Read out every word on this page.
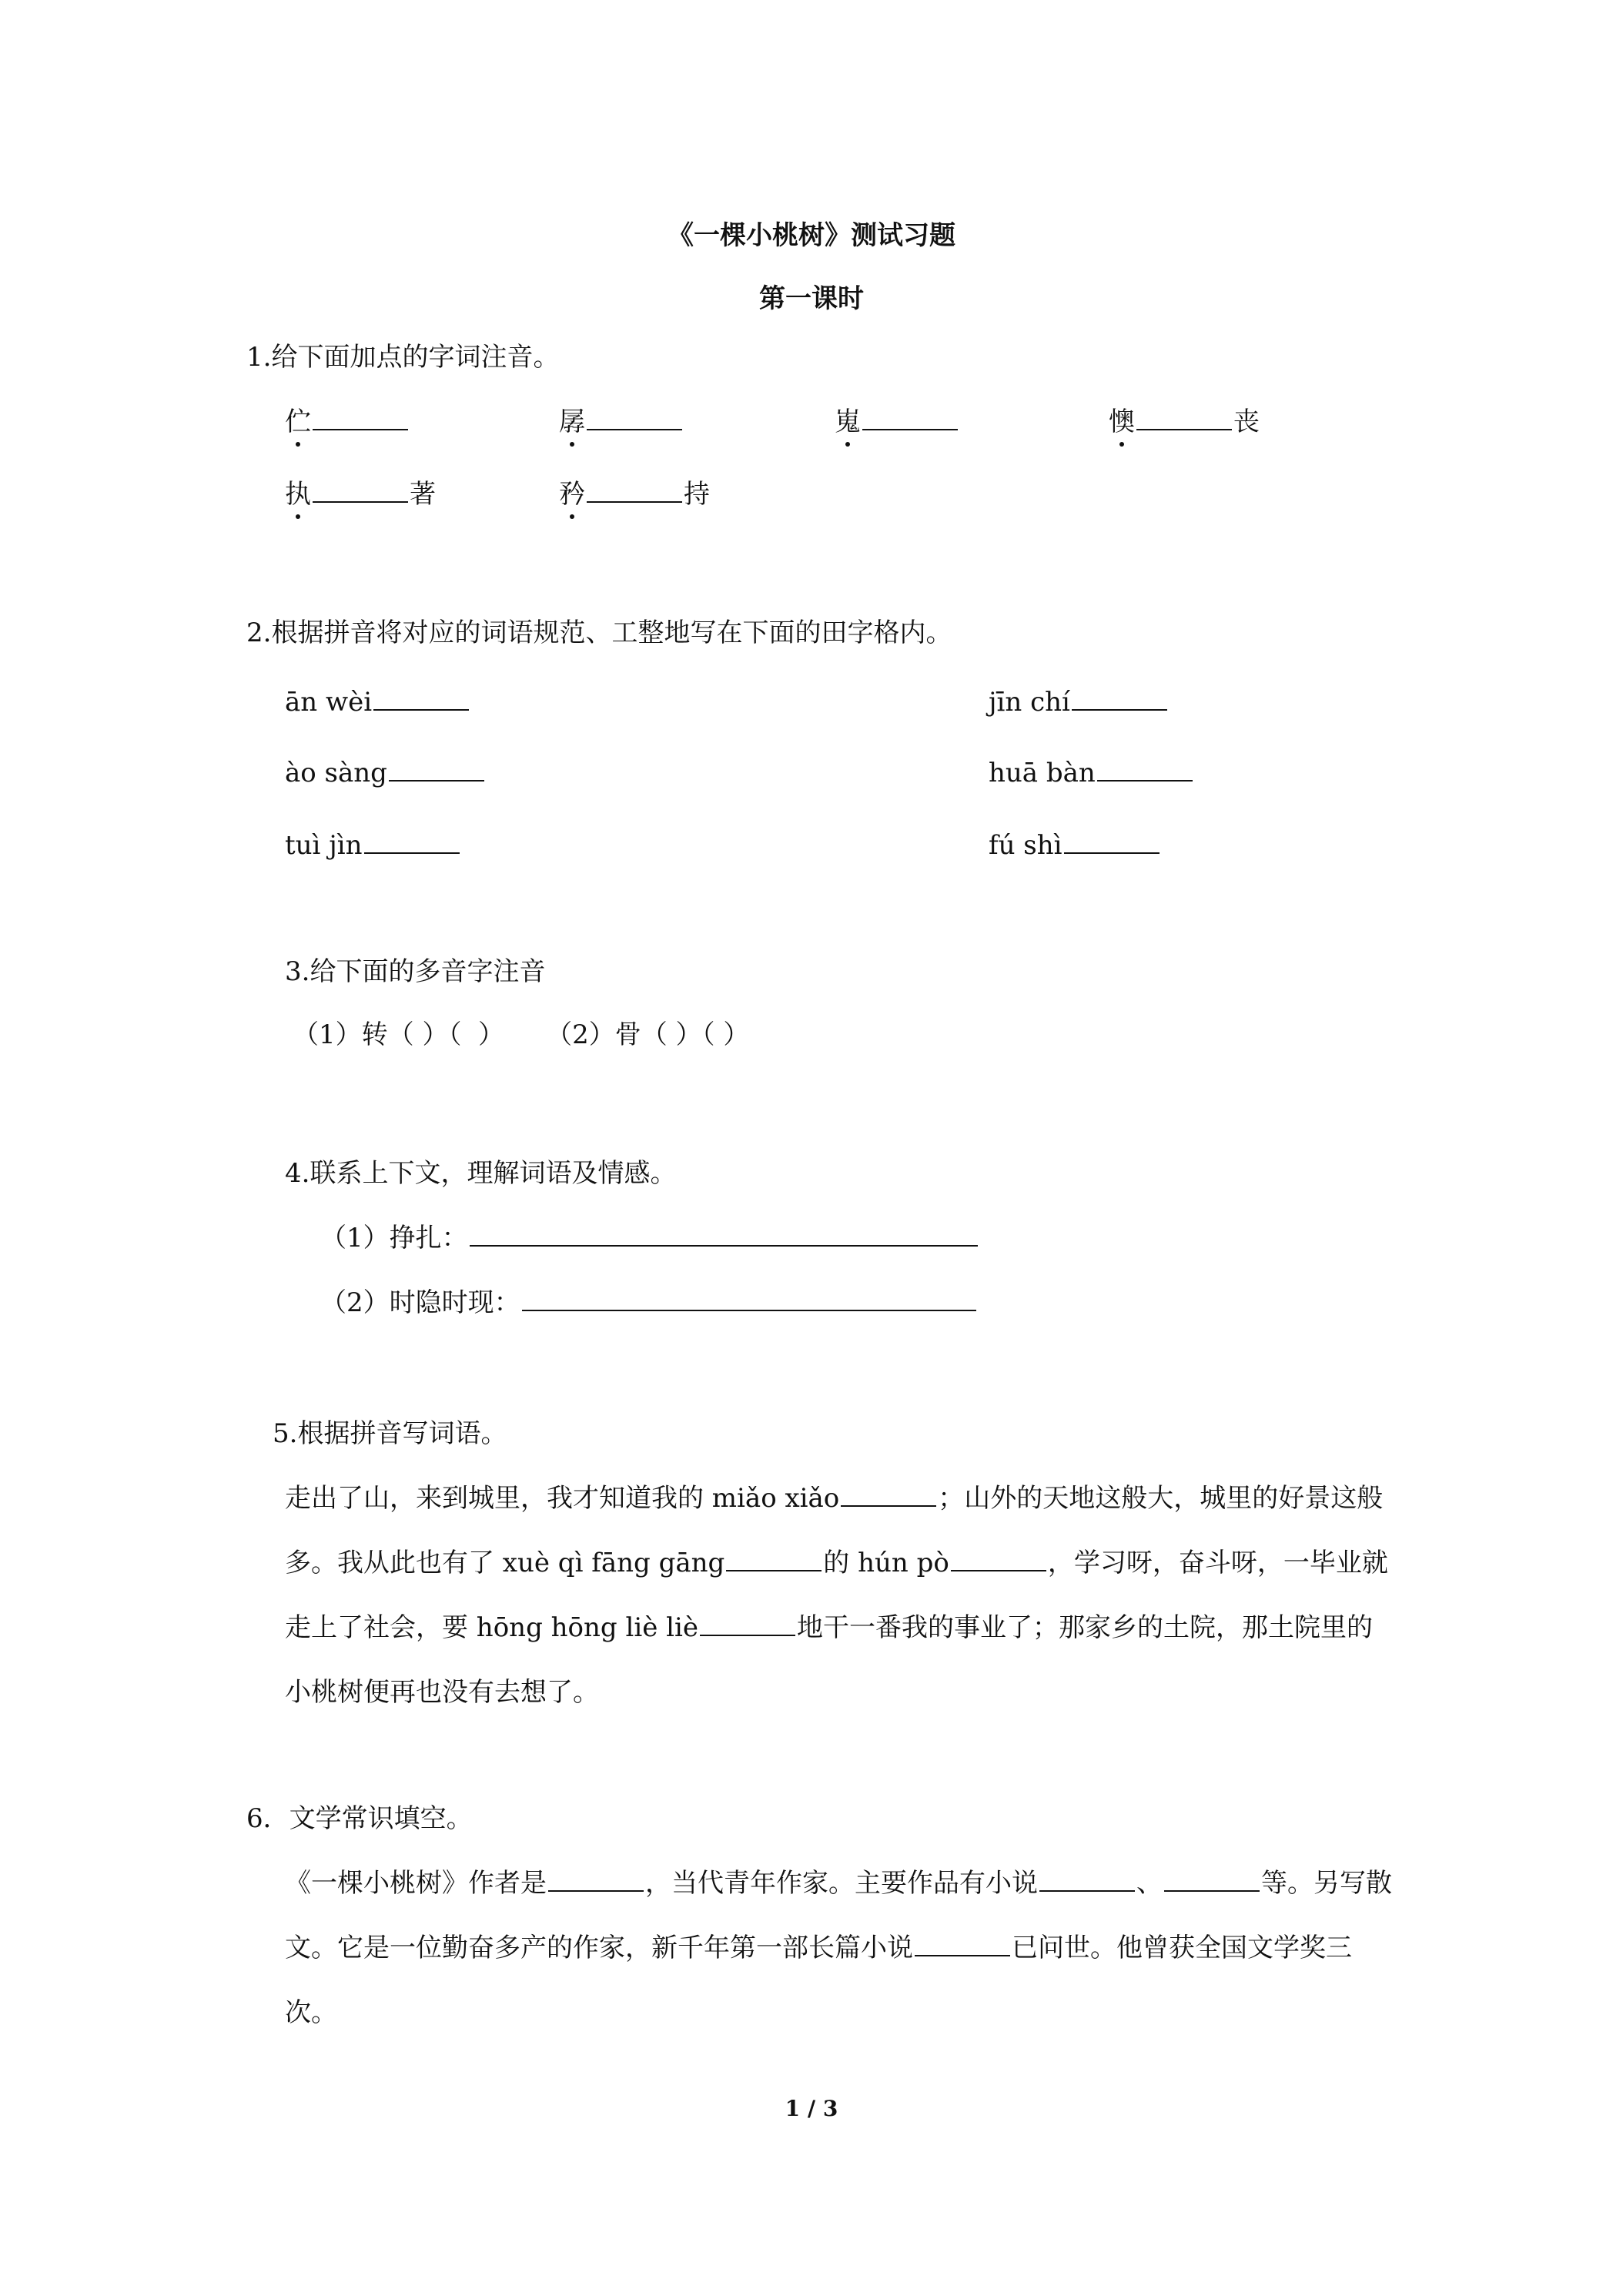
《一棵小桃树》测试习题
第一课时
1.给下面加点的字词注音。
伫	孱	嵬	懊	丧
执	著	矜	持
2.根据拼音将对应的词语规范、工整地写在下面的田字格内。
ān wèi	jīn chí
ào sàng	huā bàn
tuì jìn	fú shì
3.给下面的多音字注音
（1）转（ ）（  ）     （2）骨（ ）（ ）
4.联系上下文，理解词语及情感。
（1）挣扎：
（2）时隐时现：
5.根据拼音写词语。
走出了山，来到城里，我才知道我的 miǎo xiǎo	；山外的天地这般大，城里的好景这般多。我从此也有了 xuè qì fāng gāng	的 hún pò	，学习呀，奋斗呀，一毕业就走上了社会，要 hōng hōng liè liè	地干一番我的事业了；那家乡的土院，那土院里的小桃树便再也没有去想了。
6．文学常识填空。
《一棵小桃树》作者是	，当代青年作家。主要作品有小说	、	等。另写散文。它是一位勤奋多产的作家，新千年第一部长篇小说	已问世。他曾获全国文学奖三次。
1 / 3
